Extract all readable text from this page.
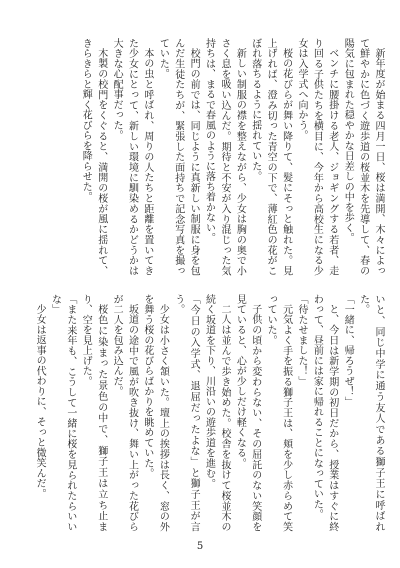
新年度が始まる四月一日、桜は満開、木々によって鮮やかに色づく遊歩道の桜並木を先導して、春の陽気に包まれた穏やかな日差しの中を歩く。

ベンチに腰掛ける老人、ジョギングする若者、走り回る子供たちを横目に、今年から高校生になる少女は入学式へ向かう。

桜の花びらが舞い降りて、髪にそっと触れた。見上げれば、澄み切った青空の下で、薄紅色の花がこぼれ落ちるように揺れていた。

新しい制服の襟を整えながら、少女は胸の奥で小さく息を吸い込んだ。期待と不安が入り混じった気持ちは、まるで春風のように落ち着かない。

校門の前では、同じように真新しい制服に身を包んだ生徒たちが、緊張した面持ちで記念写真を撮っていた。

本の虫と呼ばれ、周りの人たちと距離を置いてきた少女にとって、新しい環境に馴染めるかどうかは大きな心配事だった。

木製の校門をくぐると、満開の桜が風に揺れて、きらきらと輝く花びらを降らせた。

いと、同じ中学に通う友人である獅子王に呼ばれた。

「一緒に、帰ろうぜ！」

と、今日は新学期の初日だから、授業はすぐに終わって、昼前には家に帰れることになっていた。

「待たせました！」

元気よく手を振る獅子王は、頬を少し赤らめて笑っていた。

子供の頃から変わらない、その屈託のない笑顔を見ていると、心が少しだけ軽くなる。

二人は並んで歩き始めた。校舎を抜けて桜並木の続く坂道を下り、川沿いの遊歩道を進む。

「今日の入学式、退屈だったよな」と獅子王が言う。

少女は小さく頷いた。壇上の挨拶は長く、窓の外を舞う桜の花びらばかりを眺めていた。

坂道の途中で風が吹き抜け、舞い上がった花びらが二人を包み込んだ。

桜色に染まった景色の中で、獅子王は立ち止まり、空を見上げた。

「また来年も、こうして一緒に桜を見られたらいいな」

少女は返事の代わりに、そっと微笑んだ。

5
